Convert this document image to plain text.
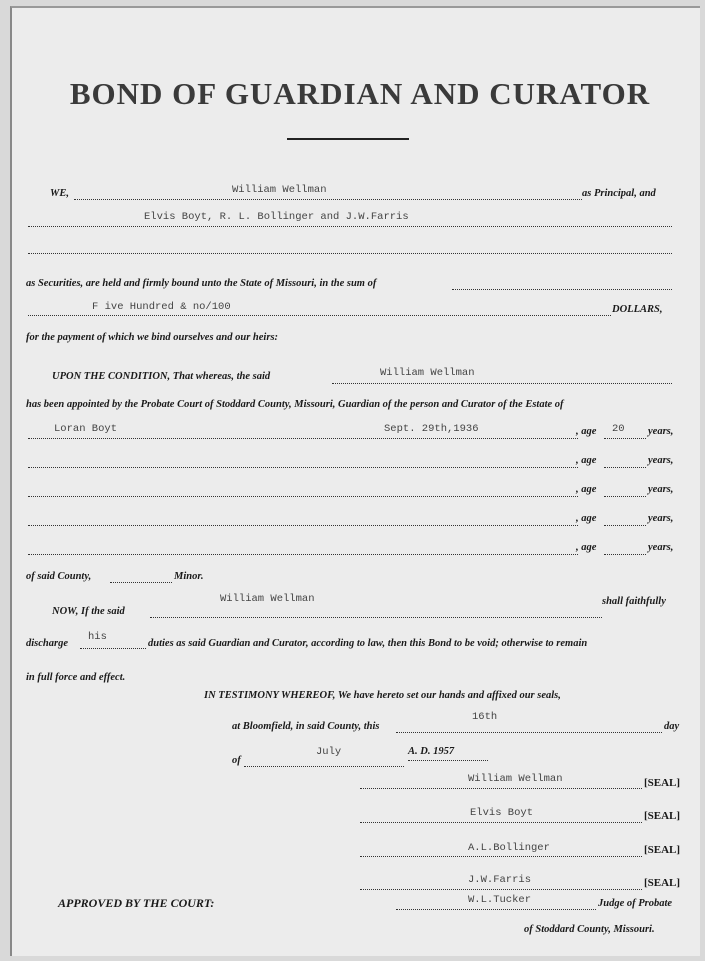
BOND OF GUARDIAN AND CURATOR
WE,	William Wellman	as Principal, and
Elvis Boyt, R. L. Bollinger and J.W.Farris
as Securities, are held and firmly bound unto the State of Missouri, in the sum of
F ive Hundred & no/100	DOLLARS,
for the payment of which we bind ourselves and our heirs:
UPON THE CONDITION, That whereas, the said	William Wellman
has been appointed by the Probate Court of Stoddard County, Missouri, Guardian of the person and Curator of the Estate of
Loran Boyt	Sept. 29th,1936	, age 20 years,
, age	years,
, age	years,
, age	years,
, age	years,
of said County,	Minor.
NOW, If the said
William Wellman	shall faithfully
discharge
his
duties as said Guardian and Curator, according to law, then this Bond to be void; otherwise to remain
in full force and effect.
IN TESTIMONY WHEREOF, We have hereto set our hands and affixed our seals,
at Bloomfield, in said County, this
16th
day
of
July	A. D. 1957
William Wellman	[SEAL]
Elvis Boyt	[SEAL]
A.L.Bollinger	[SEAL]
J.W.Farris	[SEAL]
APPROVED BY THE COURT:	W.L.Tucker	Judge of Probate
of Stoddard County, Missouri.
